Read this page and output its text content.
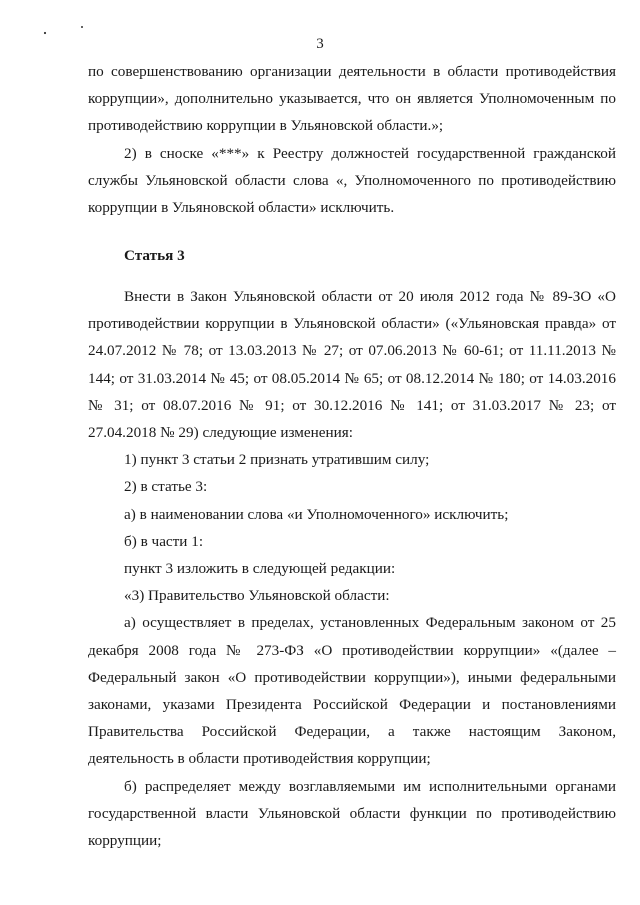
3

по совершенствованию организации деятельности в области противодействия коррупции», дополнительно указывается, что он является Уполномоченным по противодействию коррупции в Ульяновской области.»;

2) в сноске «***» к Реестру должностей государственной гражданской службы Ульяновской области слова «, Уполномоченного по противодействию коррупции в Ульяновской области» исключить.

Статья 3

Внести в Закон Ульяновской области от 20 июля 2012 года № 89-ЗО «О противодействии коррупции в Ульяновской области» («Ульяновская правда» от 24.07.2012 № 78; от 13.03.2013 № 27; от 07.06.2013 № 60-61; от 11.11.2013 № 144; от 31.03.2014 № 45; от 08.05.2014 № 65; от 08.12.2014 № 180; от 14.03.2016 № 31; от 08.07.2016 № 91; от 30.12.2016 № 141; от 31.03.2017 № 23; от 27.04.2018 № 29) следующие изменения:

1) пункт 3 статьи 2 признать утратившим силу;

2) в статье 3:

а) в наименовании слова «и Уполномоченного» исключить;

б) в части 1:

пункт 3 изложить в следующей редакции:

«3) Правительство Ульяновской области:

а) осуществляет в пределах, установленных Федеральным законом от 25 декабря 2008 года № 273-ФЗ «О противодействии коррупции» «(далее – Федеральный закон «О противодействии коррупции»), иными федеральными законами, указами Президента Российской Федерации и постановлениями Правительства Российской Федерации, а также настоящим Законом, деятельность в области противодействия коррупции;

б) распределяет между возглавляемыми им исполнительными органами государственной власти Ульяновской области функции по противодействию коррупции;
